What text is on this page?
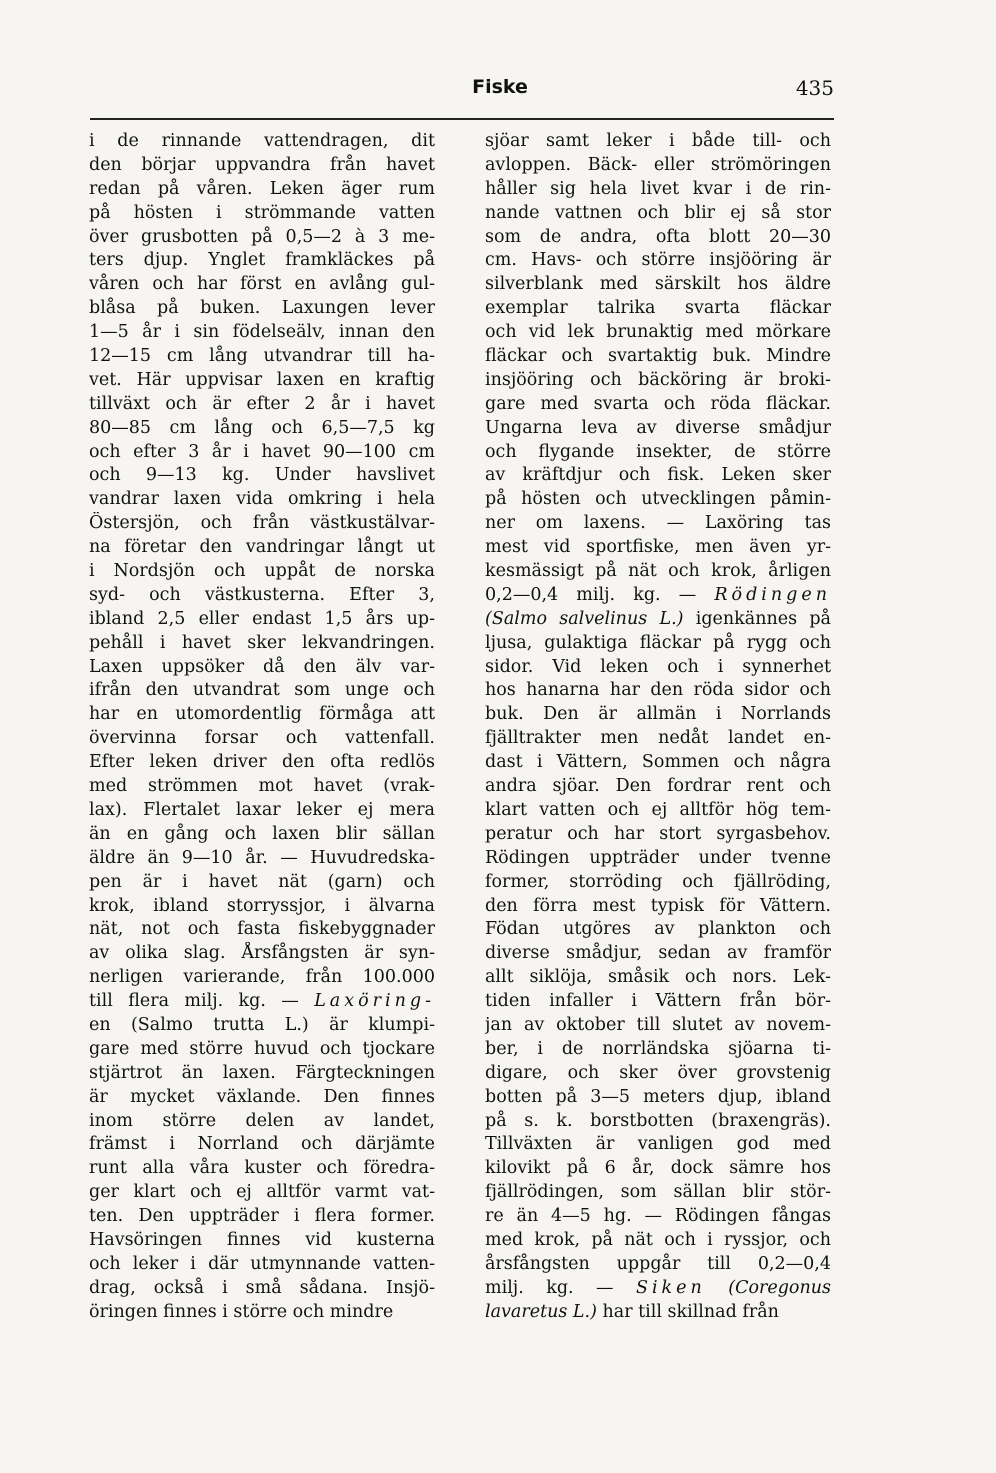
Fiske	435
i de rinnande vattendragen, dit
den börjar uppvandra från havet
redan på våren. Leken äger rum
på hösten i strömmande vatten
över grusbotten på 0,5—2 à 3 me-
ters djup. Ynglet framkläckes på
våren och har först en avlång gul-
blåsa på buken. Laxungen lever
1—5 år i sin födelseälv, innan den
12—15 cm lång utvandrar till ha-
vet. Här uppvisar laxen en kraftig
tillväxt och är efter 2 år i havet
80—85 cm lång och 6,5—7,5 kg
och efter 3 år i havet 90—100 cm
och 9—13 kg. Under havslivet
vandrar laxen vida omkring i hela
Östersjön, och från västkustälvar-
na företar den vandringar långt ut
i Nordsjön och uppåt de norska
syd- och västkusterna. Efter 3,
ibland 2,5 eller endast 1,5 års up-
pehåll i havet sker lekvandringen.
Laxen uppsöker då den älv var-
ifrån den utvandrat som unge och
har en utomordentlig förmåga att
övervinna forsar och vattenfall.
Efter leken driver den ofta redlös
med strömmen mot havet (vrak-
lax). Flertalet laxar leker ej mera
än en gång och laxen blir sällan
äldre än 9—10 år. — Huvudredska-
pen är i havet nät (garn) och
krok, ibland storryssjor, i älvarna
nät, not och fasta fiskebyggnader
av olika slag. Årsfångsten är syn-
nerligen varierande, från 100.000
till flera milj. kg. — Laxöring-
en (Salmo trutta L.) är klumpi-
gare med större huvud och tjockare
stjärtrot än laxen. Färgteckningen
är mycket växlande. Den finnes
inom större delen av landet,
främst i Norrland och därjämte
runt alla våra kuster och föredra-
ger klart och ej alltför varmt vat-
ten. Den uppträder i flera former.
Havsöringen finnes vid kusterna
och leker i där utmynnande vatten-
drag, också i små sådana. Insjö-
öringen finnes i större och mindre
sjöar samt leker i både till- och
avloppen. Bäck- eller strömöringen
håller sig hela livet kvar i de rin-
nande vattnen och blir ej så stor
som de andra, ofta blott 20—30
cm. Havs- och större insjööring är
silverblank med särskilt hos äldre
exemplar talrika svarta fläckar
och vid lek brunaktig med mörkare
fläckar och svartaktig buk. Mindre
insjööring och bäcköring är broki-
gare med svarta och röda fläckar.
Ungarna leva av diverse smådjur
och flygande insekter, de större
av kräftdjur och fisk. Leken sker
på hösten och utvecklingen påmin-
ner om laxens. — Laxöring tas
mest vid sportfiske, men även yr-
kesmässigt på nät och krok, årligen
0,2—0,4 milj. kg. — Rödingen
(Salmo salvelinus L.) igenkännes på
ljusa, gulaktiga fläckar på rygg och
sidor. Vid leken och i synnerhet
hos hanarna har den röda sidor och
buk. Den är allmän i Norrlands
fjälltrakter men nedåt landet en-
dast i Vättern, Sommen och några
andra sjöar. Den fordrar rent och
klart vatten och ej alltför hög tem-
peratur och har stort syrgasbehov.
Rödingen uppträder under tvenne
former, storröding och fjällröding,
den förra mest typisk för Vättern.
Födan utgöres av plankton och
diverse smådjur, sedan av framför
allt siklöja, småsik och nors. Lek-
tiden infaller i Vättern från bör-
jan av oktober till slutet av novem-
ber, i de norrländska sjöarna ti-
digare, och sker över grovstenig
botten på 3—5 meters djup, ibland
på s. k. borstbotten (braxengräs).
Tillväxten är vanligen god med
kilovikt på 6 år, dock sämre hos
fjällrödingen, som sällan blir stör-
re än 4—5 hg. — Rödingen fångas
med krok, på nät och i ryssjor, och
årsfångsten uppgår till 0,2—0,4
milj. kg. — Siken (Coregonus
lavaretus L.) har till skillnad från
